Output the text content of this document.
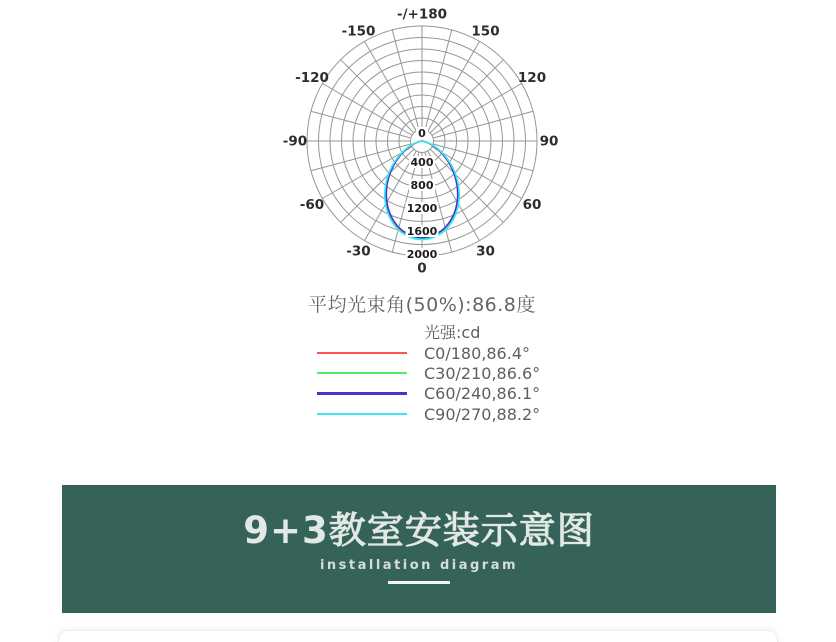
0
400
800
1200
1600
2000
0
30
60
90
120
150
-/+180
-150
-120
-90
-60
-30
平均光束角(50%):86.8度
光强:cd
C0/180,86.4°
C30/210,86.6°
C60/240,86.1°
C90/270,88.2°
9+3教室安装示意图
installation diagram
